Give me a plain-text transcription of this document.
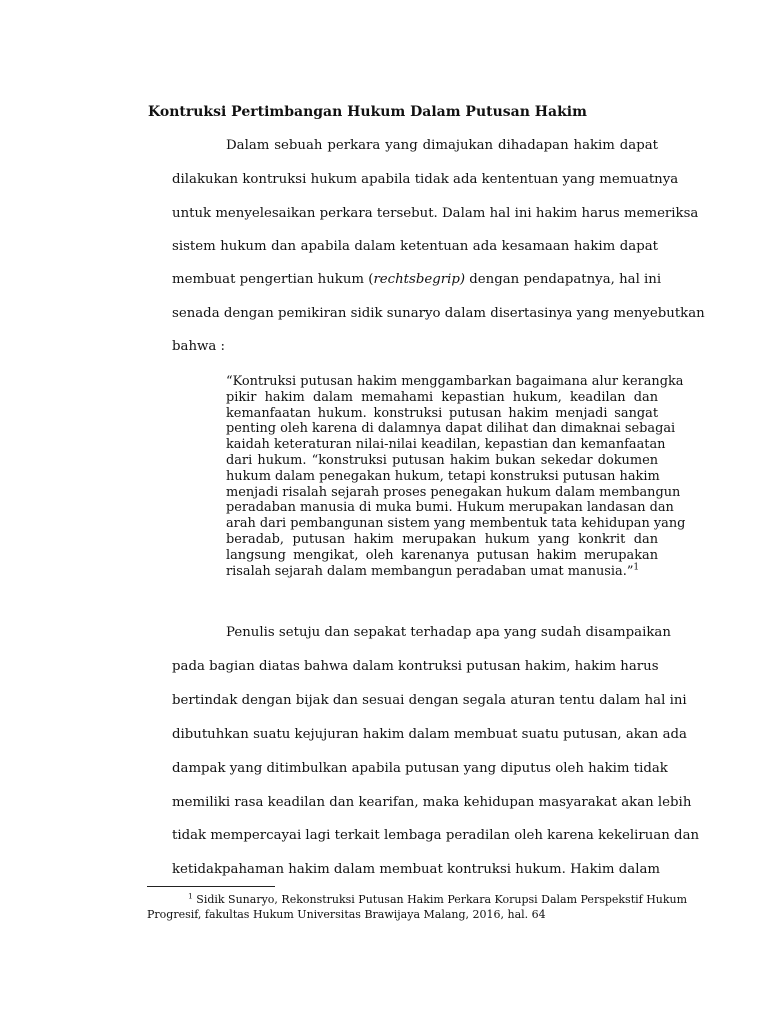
Kontruksi Pertimbangan Hukum Dalam Putusan Hakim
Dalam sebuah perkara yang dimajukan dihadapan hakim dapat
dilakukan kontruksi hukum apabila tidak ada kententuan yang memuatnya
untuk menyelesaikan perkara tersebut. Dalam hal ini hakim harus memeriksa
sistem hukum dan apabila dalam ketentuan ada kesamaan hakim dapat
membuat pengertian hukum (rechtsbegrip) dengan pendapatnya, hal ini
senada dengan pemikiran sidik sunaryo dalam disertasinya yang menyebutkan
bahwa :
“Kontruksi putusan hakim menggambarkan bagaimana alur kerangka
pikir hakim dalam memahami kepastian hukum, keadilan dan
kemanfaatan hukum. konstruksi putusan hakim menjadi sangat
penting oleh karena di dalamnya dapat dilihat dan dimaknai sebagai
kaidah keteraturan nilai-nilai keadilan, kepastian dan kemanfaatan
dari hukum. “konstruksi putusan hakim bukan sekedar dokumen
hukum dalam penegakan hukum, tetapi konstruksi putusan hakim
menjadi risalah sejarah proses penegakan hukum dalam membangun
peradaban manusia di muka bumi. Hukum merupakan landasan dan
arah dari pembangunan sistem yang membentuk tata kehidupan yang
beradab, putusan hakim merupakan hukum yang konkrit dan
langsung mengikat, oleh karenanya putusan hakim merupakan
risalah sejarah dalam membangun peradaban umat manusia.”$^1$
Penulis setuju dan sepakat terhadap apa yang sudah disampaikan
pada bagian diatas bahwa dalam kontruksi putusan hakim, hakim harus
bertindak dengan bijak dan sesuai dengan segala aturan tentu dalam hal ini
dibutuhkan suatu kejujuran hakim dalam membuat suatu putusan, akan ada
dampak yang ditimbulkan apabila putusan yang diputus oleh hakim tidak
memiliki rasa keadilan dan kearifan, maka kehidupan masyarakat akan lebih
tidak mempercayai lagi terkait lembaga peradilan oleh karena kekeliruan dan
ketidakpahaman hakim dalam membuat kontruksi hukum. Hakim dalam
$^1$ Sidik Sunaryo, Rekonstruksi Putusan Hakim Perkara Korupsi Dalam Perspekstif Hukum
Progresif, fakultas Hukum Universitas Brawijaya Malang, 2016, hal. 64
